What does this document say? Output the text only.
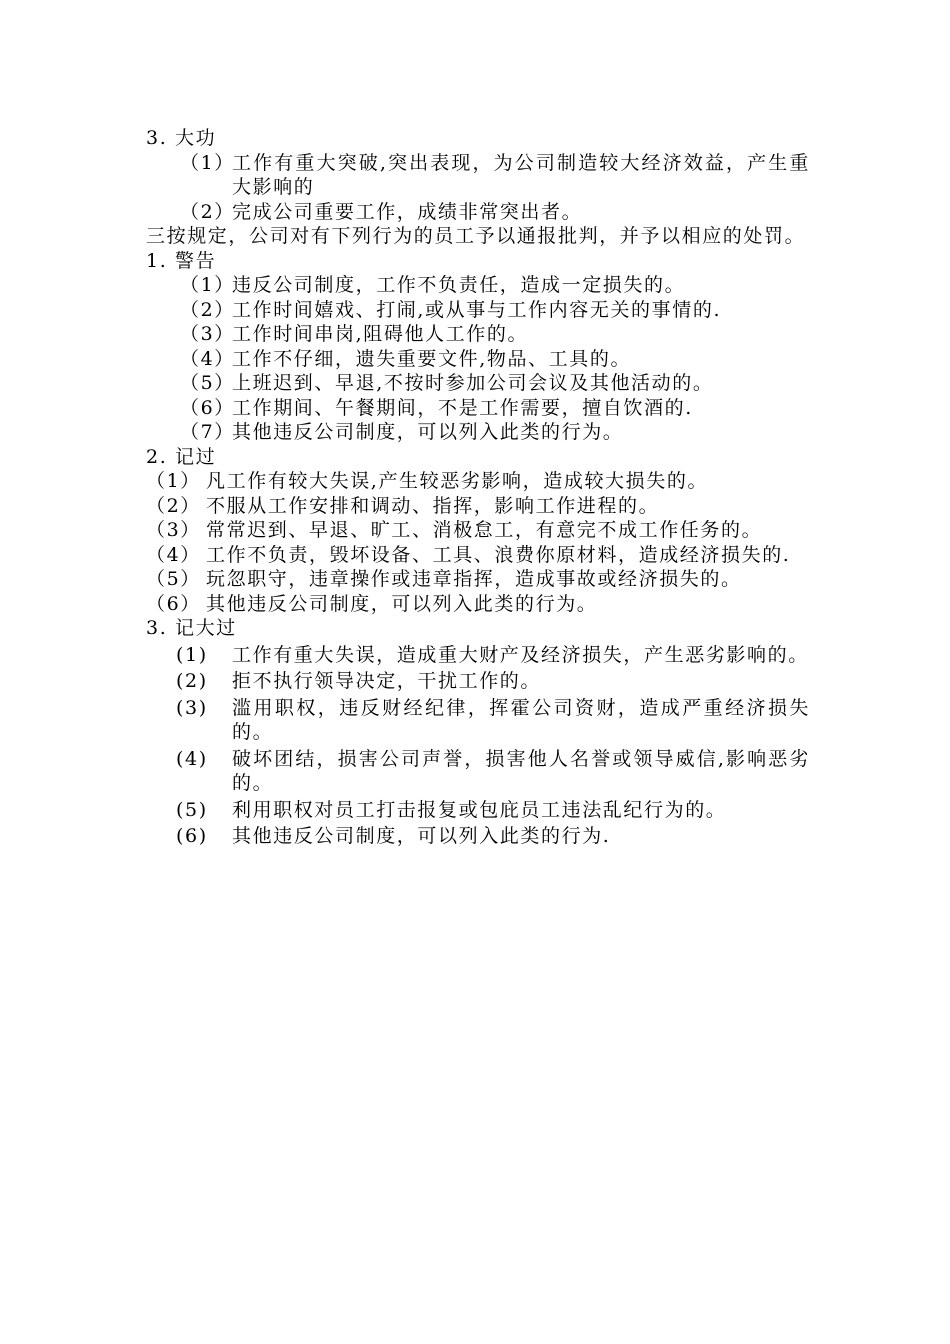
3. 大功
（1）
工作有重大突破,突出表现，为公司制造较大经济效益，产生重大影响的
（2）
完成公司重要工作，成绩非常突出者。
三按规定，公司对有下列行为的员工予以通报批判，并予以相应的处罚。
1. 警告
（1）
违反公司制度，工作不负责任，造成一定损失的。
（2）
工作时间嬉戏、打闹,或从事与工作内容无关的事情的.
（3）
工作时间串岗,阻碍他人工作的。
（4）
工作不仔细，遗失重要文件,物品、工具的。
（5）
上班迟到、早退,不按时参加公司会议及其他活动的。
（6）
工作期间、午餐期间，不是工作需要，擅自饮酒的.
（7）
其他违反公司制度，可以列入此类的行为。
2. 记过
（1） 凡工作有较大失误,产生较恶劣影响，造成较大损失的。
（2） 不服从工作安排和调动、指挥，影响工作进程的。
（3） 常常迟到、早退、旷工、消极怠工，有意完不成工作任务的。
（4） 工作不负责，毁坏设备、工具、浪费你原材料，造成经济损失的.
（5） 玩忽职守，违章操作或违章指挥，造成事故或经济损失的。
（6） 其他违反公司制度，可以列入此类的行为。
3. 记大过
(1)	工作有重大失误，造成重大财产及经济损失，产生恶劣影响的。
(2)	拒不执行领导决定，干扰工作的。
(3)	滥用职权，违反财经纪律，挥霍公司资财，造成严重经济损失的。
(4)	破坏团结，损害公司声誉，损害他人名誉或领导威信,影响恶劣的。
(5)	利用职权对员工打击报复或包庇员工违法乱纪行为的。
(6)	其他违反公司制度，可以列入此类的行为.
